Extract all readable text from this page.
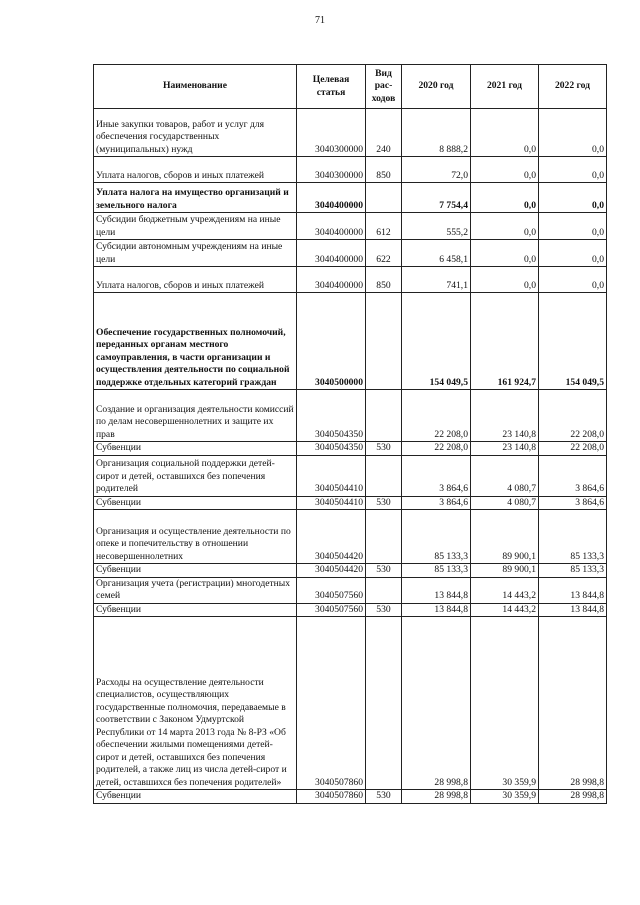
71
Наименование	Целевая статья	Вид рас-ходов	2020 год	2021 год	2022 год
Иные закупки товаров, работ и услуг для обеспечения государственных (муниципальных) нужд	3040300000	240	8 888,2	0,0	0,0
Уплата налогов, сборов и иных платежей	3040300000	850	72,0	0,0	0,0
Уплата налога на имущество организаций и земельного налога	3040400000		7 754,4	0,0	0,0
Субсидии бюджетным учреждениям на иные цели	3040400000	612	555,2	0,0	0,0
Субсидии автономным учреждениям на иные цели	3040400000	622	6 458,1	0,0	0,0
Уплата налогов, сборов и иных платежей	3040400000	850	741,1	0,0	0,0
Обеспечение государственных полномочий, переданных органам местного самоуправления, в части организации и осуществления деятельности по социальной поддержке отдельных категорий граждан	3040500000		154 049,5	161 924,7	154 049,5
Создание и организация деятельности комиссий по делам несовершеннолетних и защите их прав	3040504350		22 208,0	23 140,8	22 208,0
Субвенции	3040504350	530	22 208,0	23 140,8	22 208,0
Организация социальной поддержки детей-сирот и детей, оставшихся без попечения родителей	3040504410		3 864,6	4 080,7	3 864,6
Субвенции	3040504410	530	3 864,6	4 080,7	3 864,6
Организация и осуществление деятельности по опеке и попечительству в отношении несовершеннолетних	3040504420		85 133,3	89 900,1	85 133,3
Субвенции	3040504420	530	85 133,3	89 900,1	85 133,3
Организация учета (регистрации) многодетных семей	3040507560		13 844,8	14 443,2	13 844,8
Субвенции	3040507560	530	13 844,8	14 443,2	13 844,8
Расходы на осуществление деятельности специалистов, осуществляющих государственные полномочия, передаваемые в соответствии с Законом Удмуртской Республики от 14 марта 2013 года № 8-РЗ «Об обеспечении жилыми помещениями детей-сирот и детей, оставшихся без попечения родителей, а также лиц из числа детей-сирот и детей, оставшихся без попечения родителей»	3040507860		28 998,8	30 359,9	28 998,8
Субвенции	3040507860	530	28 998,8	30 359,9	28 998,8
